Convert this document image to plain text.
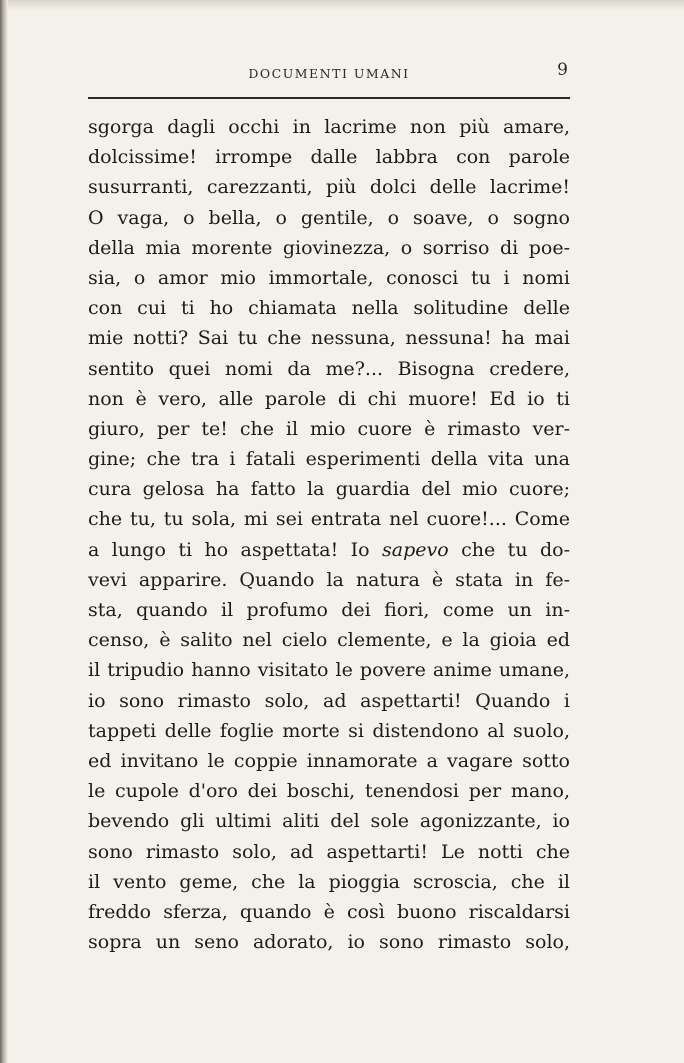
DOCUMENTI UMANI	9
sgorga dagli occhi in lacrime non più amare,
dolcissime! irrompe dalle labbra con parole
susurranti, carezzanti, più dolci delle lacrime!
O vaga, o bella, o gentile, o soave, o sogno
della mia morente giovinezza, o sorriso di poe-
sia, o amor mio immortale, conosci tu i nomi
con cui ti ho chiamata nella solitudine delle
mie notti? Sai tu che nessuna, nessuna! ha mai
sentito quei nomi da me?... Bisogna credere,
non è vero, alle parole di chi muore! Ed io ti
giuro, per te! che il mio cuore è rimasto ver-
gine; che tra i fatali esperimenti della vita una
cura gelosa ha fatto la guardia del mio cuore;
che tu, tu sola, mi sei entrata nel cuore!... Come
a lungo ti ho aspettata! Io sapevo che tu do-
vevi apparire. Quando la natura è stata in fe-
sta, quando il profumo dei fiori, come un in-
censo, è salito nel cielo clemente, e la gioia ed
il tripudio hanno visitato le povere anime umane,
io sono rimasto solo, ad aspettarti! Quando i
tappeti delle foglie morte si distendono al suolo,
ed invitano le coppie innamorate a vagare sotto
le cupole d'oro dei boschi, tenendosi per mano,
bevendo gli ultimi aliti del sole agonizzante, io
sono rimasto solo, ad aspettarti! Le notti che
il vento geme, che la pioggia scroscia, che il
freddo sferza, quando è così buono riscaldarsi
sopra un seno adorato, io sono rimasto solo,
